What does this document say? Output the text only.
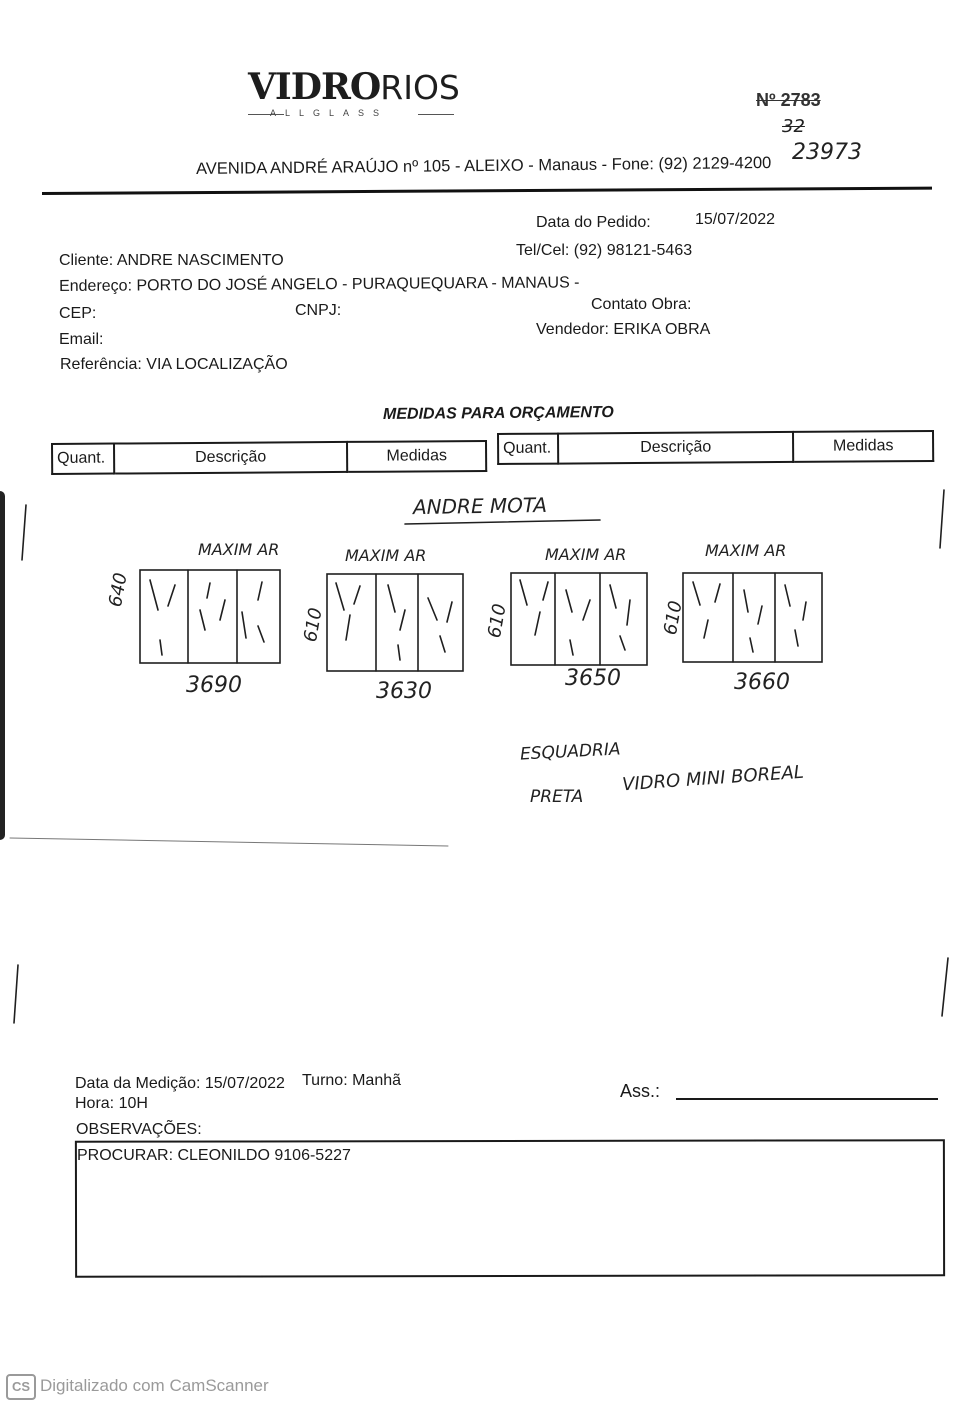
VIDRORIOS
ALLGLASS
Nº 2783
32
23973
AVENIDA ANDRÉ ARAÚJO nº 105 - ALEIXO - Manaus - Fone: (92) 2129-4200
Data do Pedido:	15/07/2022
Cliente: ANDRE NASCIMENTO
Tel/Cel: (92) 98121-5463
Endereço: PORTO DO JOSÉ ANGELO - PURAQUEQUARA - MANAUS -
CEP:	CNPJ:	Contato Obra:
Email:
Vendedor: ERIKA OBRA
Referência: VIA LOCALIZAÇÃO
MEDIDAS PARA ORÇAMENTO
Quant.	Descrição	Medidas	Quant.	Descrição	Medidas
ANDRE MOTA
MAXIM AR
640
3690
MAXIM AR
610
3630
MAXIM AR
610
3650
MAXIM AR
610
3660
ESQUADRIA
PRETA
VIDRO MINI BOREAL
Data da Medição: 15/07/2022 Turno: Manhã
Hora: 10H
Ass.:
OBSERVAÇÕES:
PROCURAR: CLEONILDO 9106-5227
CS Digitalizado com CamScanner
